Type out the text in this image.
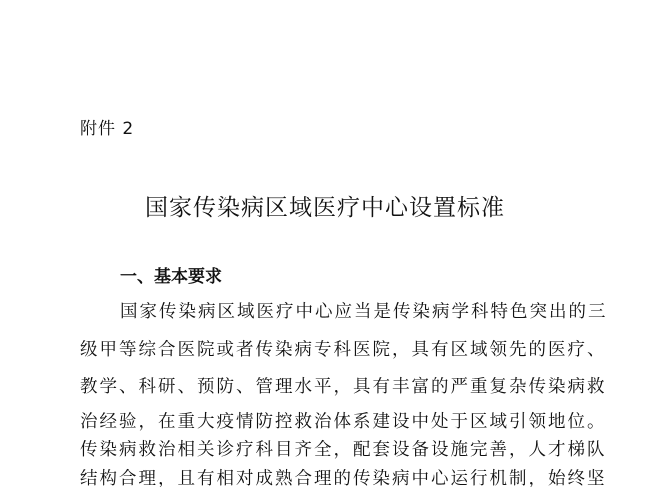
附件 2
国家传染病区域医疗中心设置标准
一、基本要求
国家传染病区域医疗中心应当是传染病学科特色突出的三
级甲等综合医院或者传染病专科医院，具有区域领先的医疗、
教学、科研、预防、管理水平，具有丰富的严重复杂传染病救
治经验，在重大疫情防控救治体系建设中处于区域引领地位。
传染病救治相关诊疗科目齐全，配套设备设施完善，人才梯队
结构合理，且有相对成熟合理的传染病中心运行机制，始终坚
